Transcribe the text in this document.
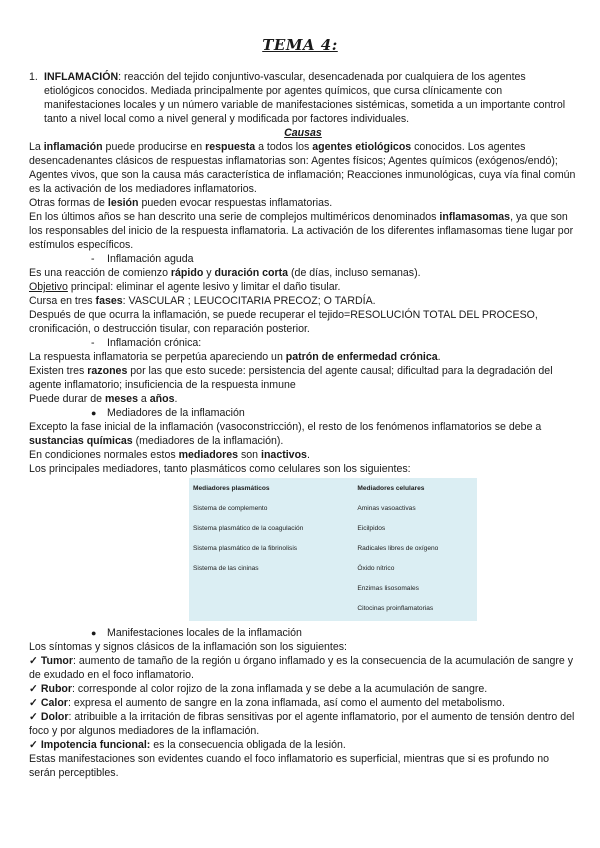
TEMA 4:
1. INFLAMACIÓN: reacción del tejido conjuntivo-vascular, desencadenada por cualquiera de los agentes etiológicos conocidos. Mediada principalmente por agentes químicos, que cursa clínicamente con manifestaciones locales y un número variable de manifestaciones sistémicas, sometida a un importante control tanto a nivel local como a nivel general y modificada por factores individuales.

Causas

La inflamación puede producirse en respuesta a todos los agentes etiológicos conocidos. Los agentes desencadenantes clásicos de respuestas inflamatorias son: Agentes físicos; Agentes químicos (exógenos/endó); Agentes vivos, que son la causa más característica de inflamación; Reacciones inmunológicas, cuya vía final común es la activación de los mediadores inflamatorios.

Otras formas de lesión pueden evocar respuestas inflamatorias.

En los últimos años se han descrito una serie de complejos multiméricos denominados inflamasomas, ya que son los responsables del inicio de la respuesta inflamatoria. La activación de los diferentes inflamasomas tiene lugar por estímulos específicos.

- Inflamación aguda

Es una reacción de comienzo rápido y duración corta (de días, incluso semanas).

Objetivo principal: eliminar el agente lesivo y limitar el daño tisular.

Cursa en tres fases: VASCULAR ; LEUCOCITARIA PRECOZ; O TARDÍA.

Después de que ocurra la inflamación, se puede recuperar el tejido=RESOLUCIÓN TOTAL DEL PROCESO, cronificación, o destrucción tisular, con reparación posterior.

- Inflamación crónica:

La respuesta inflamatoria se perpetúa apareciendo un patrón de enfermedad crónica.

Existen tres razones por las que esto sucede: persistencia del agente causal; dificultad para la degradación del agente inflamatorio; insuficiencia de la respuesta inmune

Puede durar de meses a años.

● Mediadores de la inflamación

Excepto la fase inicial de la inflamación (vasoconstricción), el resto de los fenómenos inflamatorios se debe a sustancias químicas (mediadores de la inflamación).

En condiciones normales estos mediadores son inactivos.

Los principales mediadores, tanto plasmáticos como celulares son los siguientes:

Mediadores plasmáticos	Mediadores celulares
Sistema de complemento	Aminas vasoactivas
Sistema plasmático de la coagulación	Eicilpidos
Sistema plasmático de la fibrinolisis	Radicales libres de oxígeno
Sistema de las cininas	Óxido nítrico
	Enzimas lisosomales
	Citocinas proinflamatorias

● Manifestaciones locales de la inflamación

Los síntomas y signos clásicos de la inflamación son los siguientes:

✓ Tumor: aumento de tamaño de la región u órgano inflamado y es la consecuencia de la acumulación de sangre y de exudado en el foco inflamatorio.

✓ Rubor: corresponde al color rojizo de la zona inflamada y se debe a la acumulación de sangre.

✓ Calor: expresa el aumento de sangre en la zona inflamada, así como el aumento del metabolismo.

✓ Dolor: atribuible a la irritación de fibras sensitivas por el agente inflamatorio, por el aumento de tensión dentro del foco y por algunos mediadores de la inflamación.

✓ Impotencia funcional: es la consecuencia obligada de la lesión.

Estas manifestaciones son evidentes cuando el foco inflamatorio es superficial, mientras que si es profundo no serán perceptibles.
